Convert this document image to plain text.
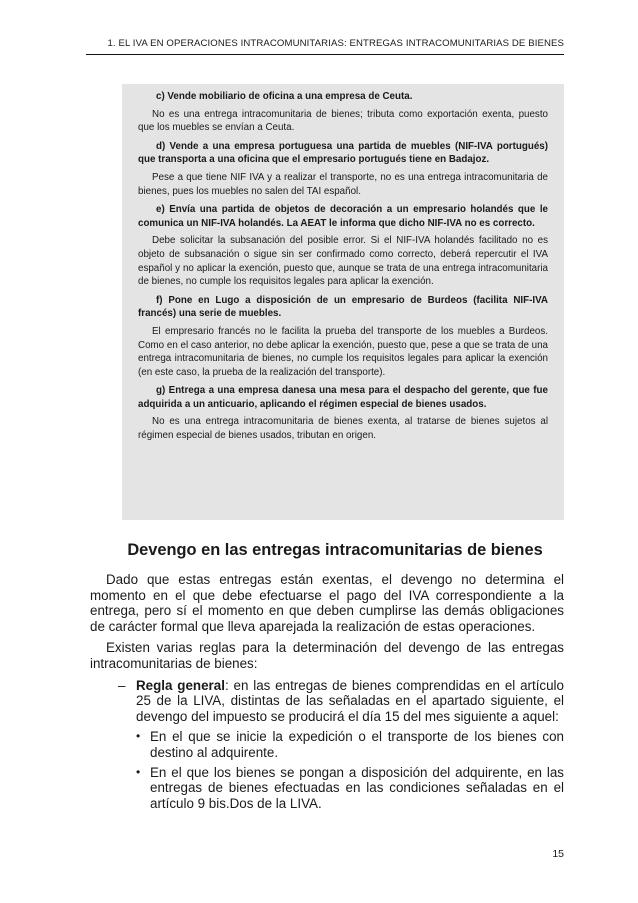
1. EL IVA EN OPERACIONES INTRACOMUNITARIAS: ENTREGAS INTRACOMUNITARIAS DE BIENES

c) Vende mobiliario de oficina a una empresa de Ceuta.

No es una entrega intracomunitaria de bienes; tributa como exportación exenta, puesto que los muebles se envían a Ceuta.

d) Vende a una empresa portuguesa una partida de muebles (NIF-IVA portugués) que transporta a una oficina que el empresario portugués tiene en Badajoz.

Pese a que tiene NIF IVA y a realizar el transporte, no es una entrega intracomunitaria de bienes, pues los muebles no salen del TAI español.

e) Envía una partida de objetos de decoración a un empresario holandés que le comunica un NIF-IVA holandés. La AEAT le informa que dicho NIF-IVA no es correcto.

Debe solicitar la subsanación del posible error. Si el NIF-IVA holandés facilitado no es objeto de subsanación o sigue sin ser confirmado como correcto, deberá repercutir el IVA español y no aplicar la exención, puesto que, aunque se trata de una entrega intracomunitaria de bienes, no cumple los requisitos legales para aplicar la exención.

f) Pone en Lugo a disposición de un empresario de Burdeos (facilita NIF-IVA francés) una serie de muebles.

El empresario francés no le facilita la prueba del transporte de los muebles a Burdeos. Como en el caso anterior, no debe aplicar la exención, puesto que, pese a que se trata de una entrega intracomunitaria de bienes, no cumple los requisitos legales para aplicar la exención (en este caso, la prueba de la realización del transporte).

g) Entrega a una empresa danesa una mesa para el despacho del gerente, que fue adquirida a un anticuario, aplicando el régimen especial de bienes usados.

No es una entrega intracomunitaria de bienes exenta, al tratarse de bienes sujetos al régimen especial de bienes usados, tributan en origen.

Devengo en las entregas intracomunitarias de bienes

Dado que estas entregas están exentas, el devengo no determina el momento en el que debe efectuarse el pago del IVA correspondiente a la entrega, pero sí el momento en que deben cumplirse las demás obligaciones de carácter formal que lleva aparejada la realización de estas operaciones.

Existen varias reglas para la determinación del devengo de las entregas intracomunitarias de bienes:

– Regla general: en las entregas de bienes comprendidas en el artículo 25 de la LIVA, distintas de las señaladas en el apartado siguiente, el devengo del impuesto se producirá el día 15 del mes siguiente a aquel:
• En el que se inicie la expedición o el transporte de los bienes con destino al adquirente.
• En el que los bienes se pongan a disposición del adquirente, en las entregas de bienes efectuadas en las condiciones señaladas en el artículo 9 bis.Dos de la LIVA.
15
